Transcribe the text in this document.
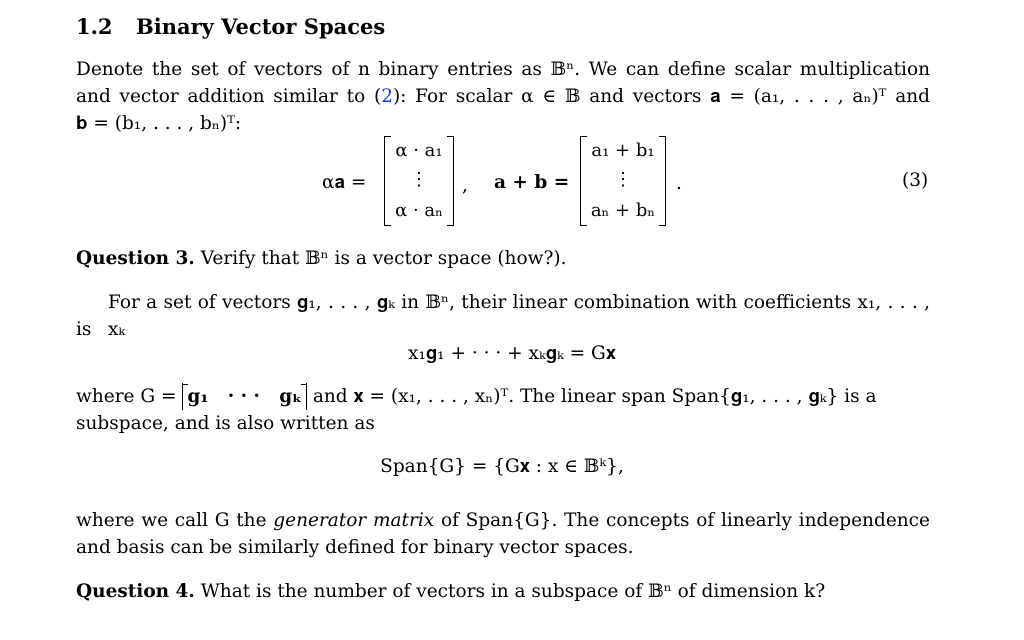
1.2 Binary Vector Spaces
Denote the set of vectors of n binary entries as 𝔹ⁿ. We can define scalar multiplication
and vector addition similar to (2): For scalar α ∈ 𝔹 and vectors 𝐚 = (a₁, . . . , aₙ)ᵀ and
𝐛 = (b₁, . . . , bₙ)ᵀ:
α𝐚 =
α · a₁
⋮
α · aₙ
, 𝐚 + 𝐛 =
a₁ + b₁
⋮
aₙ + bₙ
.	(3)
Question 3. Verify that 𝔹ⁿ is a vector space (how?).
For a set of vectors 𝐠₁, . . . , 𝐠ₖ in 𝔹ⁿ, their linear combination with coefficients x₁, . . . , xₖ
is
x₁𝐠₁ + · · · + xₖ𝐠ₖ = G𝐱
where G = 𝐠₁   · · ·   𝐠ₖ and 𝐱 = (x₁, . . . , xₙ)ᵀ. The linear span Span{𝐠₁, . . . , 𝐠ₖ} is a
subspace, and is also written as
Span{G} = {G𝐱 : x ∈ 𝔹ᵏ},
where we call G the generator matrix of Span{G}. The concepts of linearly independence
and basis can be similarly defined for binary vector spaces.
Question 4. What is the number of vectors in a subspace of 𝔹ⁿ of dimension k?
